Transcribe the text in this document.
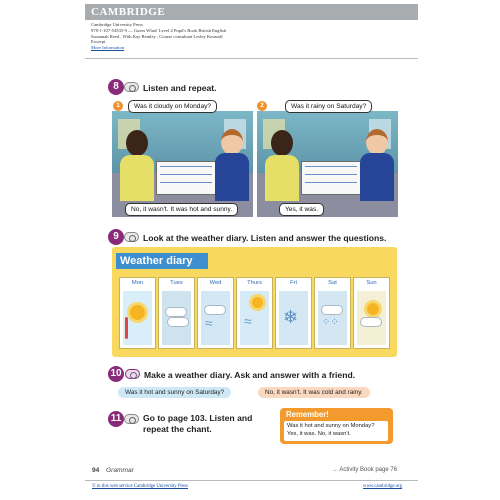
CAMBRIDGE
Cambridge University Press
978-1-107-54535-9 — Guess What! Level 4 Pupil's Book British English
Susannah Reed , With Kay Bentley , Course consultant Lesley Koustaff
Excerpt
More Information
8	Listen and repeat.
1	Was it cloudy on Monday?
No, it wasn't. It was hot and sunny.
2	Was it rainy on Saturday?
Yes, it was.
9	Look at the weather diary. Listen and answer the questions.
Weather diary
Mon	Tues	Wed
≈
Thurs
≈
Fri
❄
Sat
⁘⁘
Sun
10	Make a weather diary. Ask and answer with a friend.
Was it hot and sunny on Saturday?	No, it wasn't. It was cold and rainy.
11	Go to page 103. Listen and
repeat the chant.
Remember!
Was it hot and sunny on Monday?
Yes, it was. No, it wasn't.
94 Grammar	→ Activity Book page 76
© in this web service Cambridge University Press	www.cambridge.org
